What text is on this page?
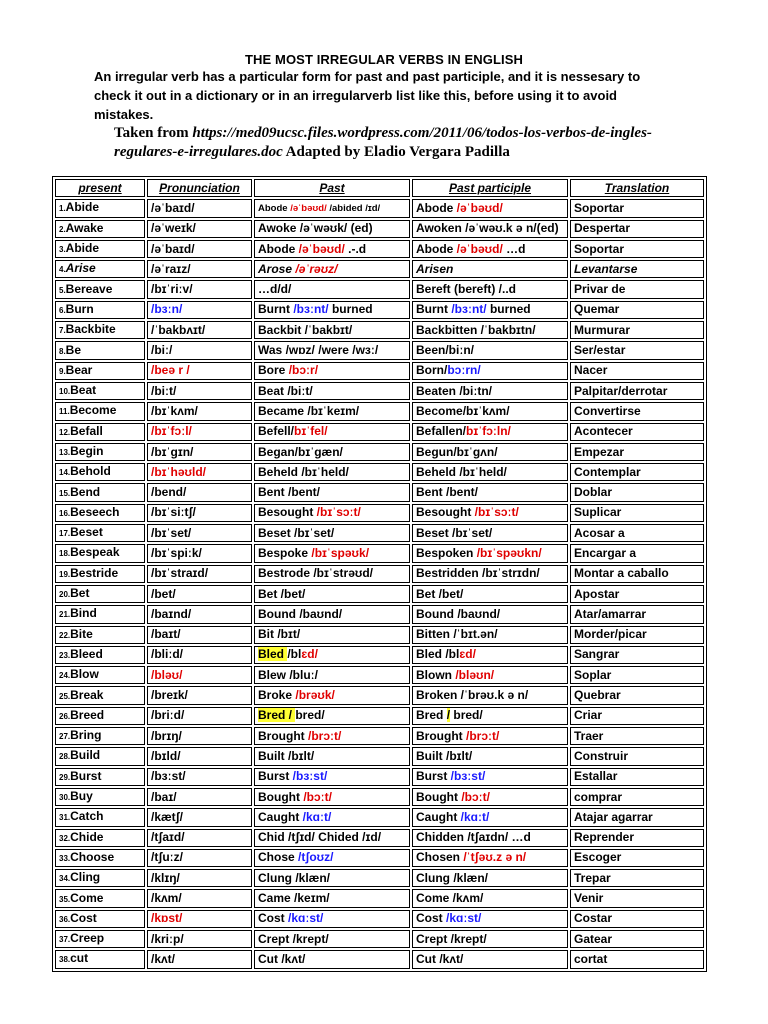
THE MOST IRREGULAR VERBS IN ENGLISH
An irregular verb has a particular form for past and past participle, and it is nessesary to check it out in a dictionary or in an irregularverb list like this, before using it to avoid mistakes.
Taken from https://med09ucsc.files.wordpress.com/2011/06/todos-los-verbos-de-ingles-regulares-e-irregulares.doc Adapted by Eladio Vergara Padilla
present	Pronunciation	Past	Past participle	Translation
1.Abide	/əˈbaɪd/	Abode /əˈbəʊd/ /abided /ɪd/	Abode /əˈbəʊd/	Soportar
2.Awake	/əˈweɪk/	Awoke /əˈwəʊk/ (ed)	Awoken /əˈwəʊ.k ə n/(ed)	Despertar
3.Abide	/əˈbaɪd/	Abode /əˈbəʊd/ .-.d	Abode /əˈbəʊd/ …d	Soportar
4.Arise	/əˈraɪz/	Arose /əˈrəʊz/	Arisen	Levantarse
5.Bereave	/bɪˈriːv/	…d/d/	Bereft (bereft) /..d	Privar de
6.Burn	/bɜːn/	Burnt /bɜːnt/ burned	Burnt /bɜːnt/ burned	Quemar
7.Backbite	/ˈbakbʌɪt/	Backbit /ˈbakbɪt/	Backbitten /ˈbakbɪtn/	Murmurar
8.Be	/biː/	Was /wɒz/ /were /wɜː/	Been/biːn/	Ser/estar
9.Bear	/beə r /	Bore /bɔːr/	Born/bɔːrn/	Nacer
10.Beat	/biːt/	Beat /biːt/	Beaten /biːtn/	Palpitar/derrotar
11.Become	/bɪˈkʌm/	Became /bɪˈkeɪm/	Become/bɪˈkʌm/	Convertirse
12.Befall	/bɪˈfɔːl/	Befell/bɪˈfel/	Befallen/bɪˈfɔːln/	Acontecer
13.Begin	/bɪˈɡɪn/	Began/bɪˈɡæn/	Begun/bɪˈɡʌn/	Empezar
14.Behold	/bɪˈhəʊld/	Beheld /bɪˈheld/	Beheld /bɪˈheld/	Contemplar
15.Bend	/bend/	Bent /bent/	Bent /bent/	Doblar
16.Beseech	/bɪˈsiːtʃ/	Besought /bɪˈsɔːt/	Besought /bɪˈsɔːt/	Suplicar
17.Beset	/bɪˈset/	Beset /bɪˈset/	Beset /bɪˈset/	Acosar a
18.Bespeak	/bɪˈspiːk/	Bespoke /bɪˈspəʊk/	Bespoken /bɪˈspəʊkn/	Encargar a
19.Bestride	/bɪˈstraɪd/	Bestrode /bɪˈstrəʊd/	Bestridden /bɪˈstrɪdn/	Montar a caballo
20.Bet	/bet/	Bet /bet/	Bet /bet/	Apostar
21.Bind	/baɪnd/	Bound /baʊnd/	Bound /baʊnd/	Atar/amarrar
22.Bite	/baɪt/	Bit /bɪt/	Bitten /ˈbɪt.ən/	Morder/picar
23.Bleed	/bliːd/	Bled /blɛd/	Bled /blɛd/	Sangrar
24.Blow	/bləʊ/	Blew /bluː/	Blown /bləʊn/	Soplar
25.Break	/breɪk/	Broke /brəʊk/	Broken /ˈbrəʊ.k ə n/	Quebrar
26.Breed	/briːd/	Bred / bred/	Bred / bred/	Criar
27.Bring	/brɪŋ/	Brought /brɔːt/	Brought /brɔːt/	Traer
28.Build	/bɪld/	Built /bɪlt/	Built /bɪlt/	Construir
29.Burst	/bɜːst/	Burst /bɜːst/	Burst /bɜːst/	Estallar
30.Buy	/baɪ/	Bought /bɔːt/	Bought /bɔːt/	comprar
31.Catch	/kætʃ/	Caught /kɑːt/	Caught /kɑːt/	Atajar agarrar
32.Chide	/tʃaɪd/	Chid /tʃɪd/ Chided /ɪd/	Chidden /tʃaɪdn/ …d	Reprender
33.Choose	/tʃuːz/	Chose /tʃoʊz/	Chosen /ˈtʃəʊ.z ə n/	Escoger
34.Cling	/klɪŋ/	Clung /klæn/	Clung /klæn/	Trepar
35.Come	/kʌm/	Came /keɪm/	Come /kʌm/	Venir
36.Cost	/kɒst/	Cost /kɑːst/	Cost /kɑːst/	Costar
37.Creep	/kriːp/	Crept /krept/	Crept /krept/	Gatear
38.cut	/kʌt/	Cut /kʌt/	Cut /kʌt/	cortat
